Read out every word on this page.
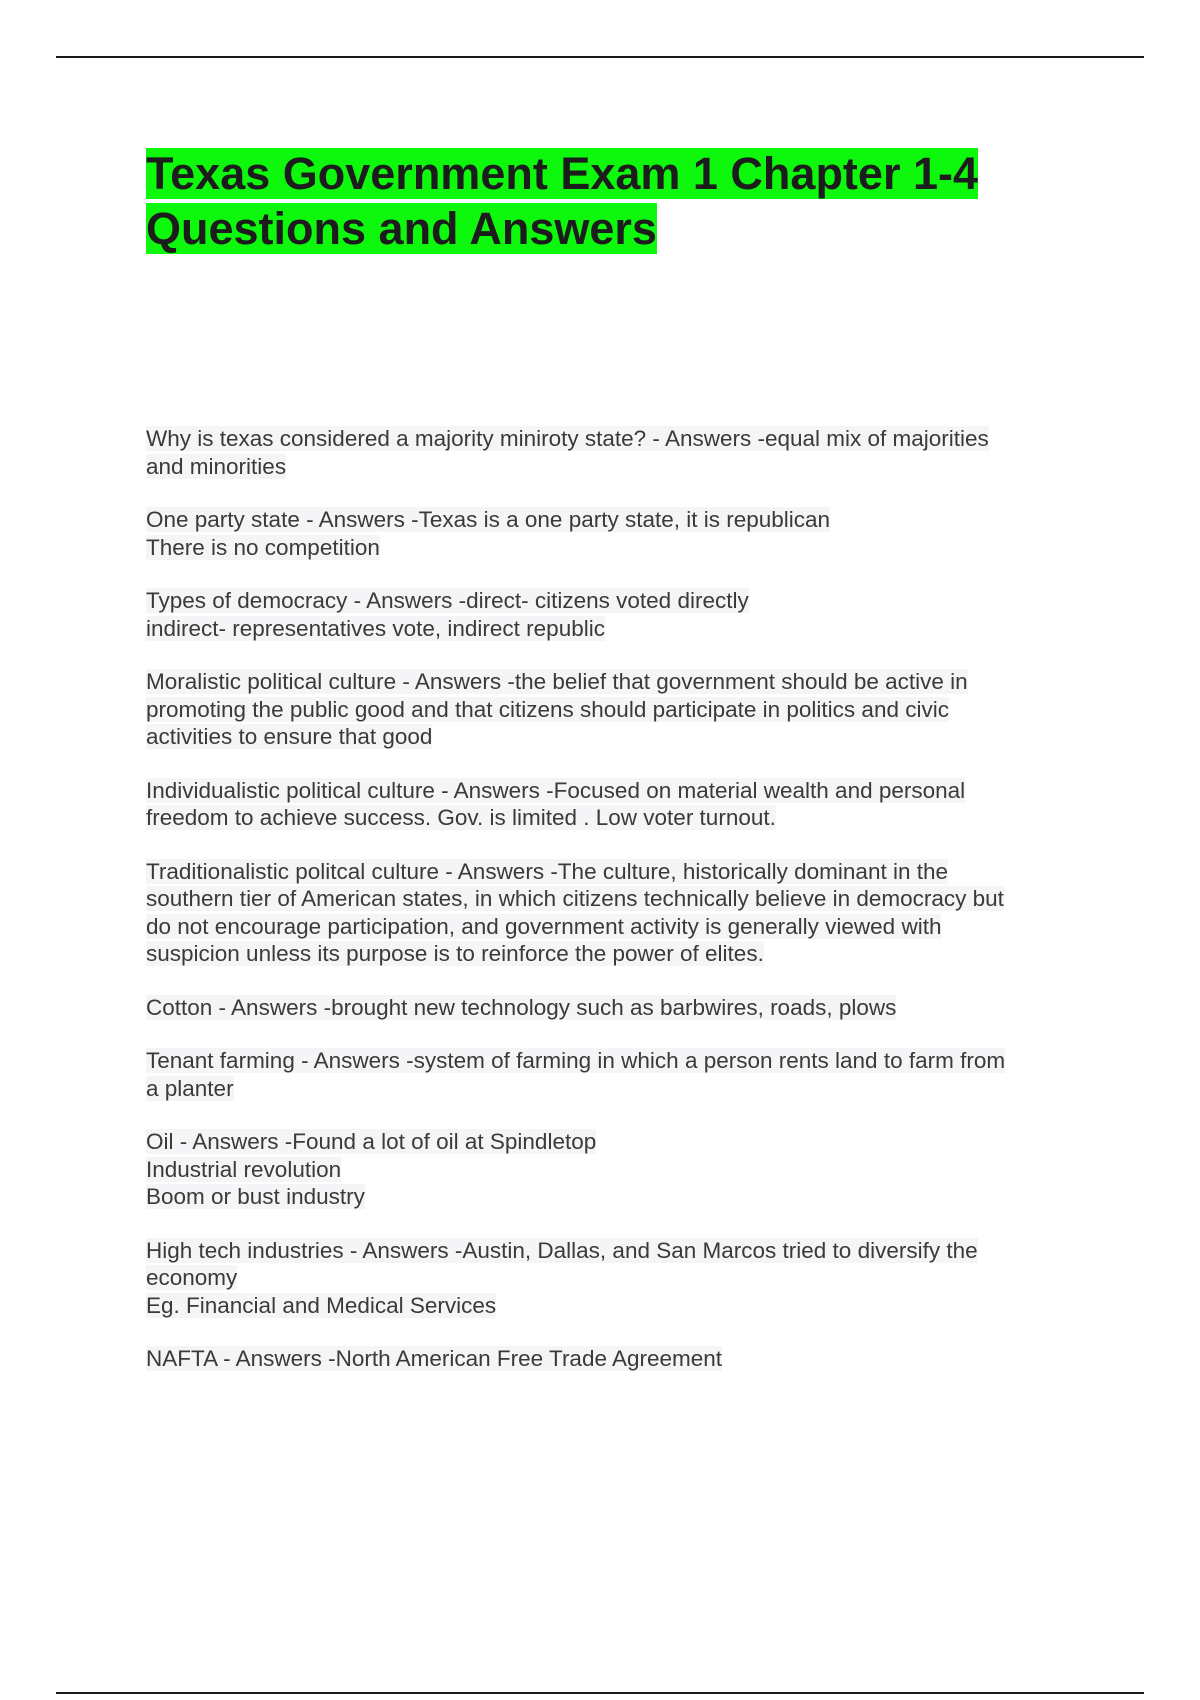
Texas Government Exam 1 Chapter 1-4
Questions and Answers
Why is texas considered a majority miniroty state? - Answers -equal mix of majorities
and minorities
One party state - Answers -Texas is a one party state, it is republican
There is no competition
Types of democracy - Answers -direct- citizens voted directly
indirect- representatives vote, indirect republic
Moralistic political culture - Answers -the belief that government should be active in
promoting the public good and that citizens should participate in politics and civic
activities to ensure that good
Individualistic political culture - Answers -Focused on material wealth and personal
freedom to achieve success. Gov. is limited . Low voter turnout.
Traditionalistic politcal culture - Answers -The culture, historically dominant in the
southern tier of American states, in which citizens technically believe in democracy but
do not encourage participation, and government activity is generally viewed with
suspicion unless its purpose is to reinforce the power of elites.
Cotton - Answers -brought new technology such as barbwires, roads, plows
Tenant farming - Answers -system of farming in which a person rents land to farm from
a planter
Oil - Answers -Found a lot of oil at Spindletop
Industrial revolution
Boom or bust industry
High tech industries - Answers -Austin, Dallas, and San Marcos tried to diversify the
economy
Eg. Financial and Medical Services
NAFTA - Answers -North American Free Trade Agreement
